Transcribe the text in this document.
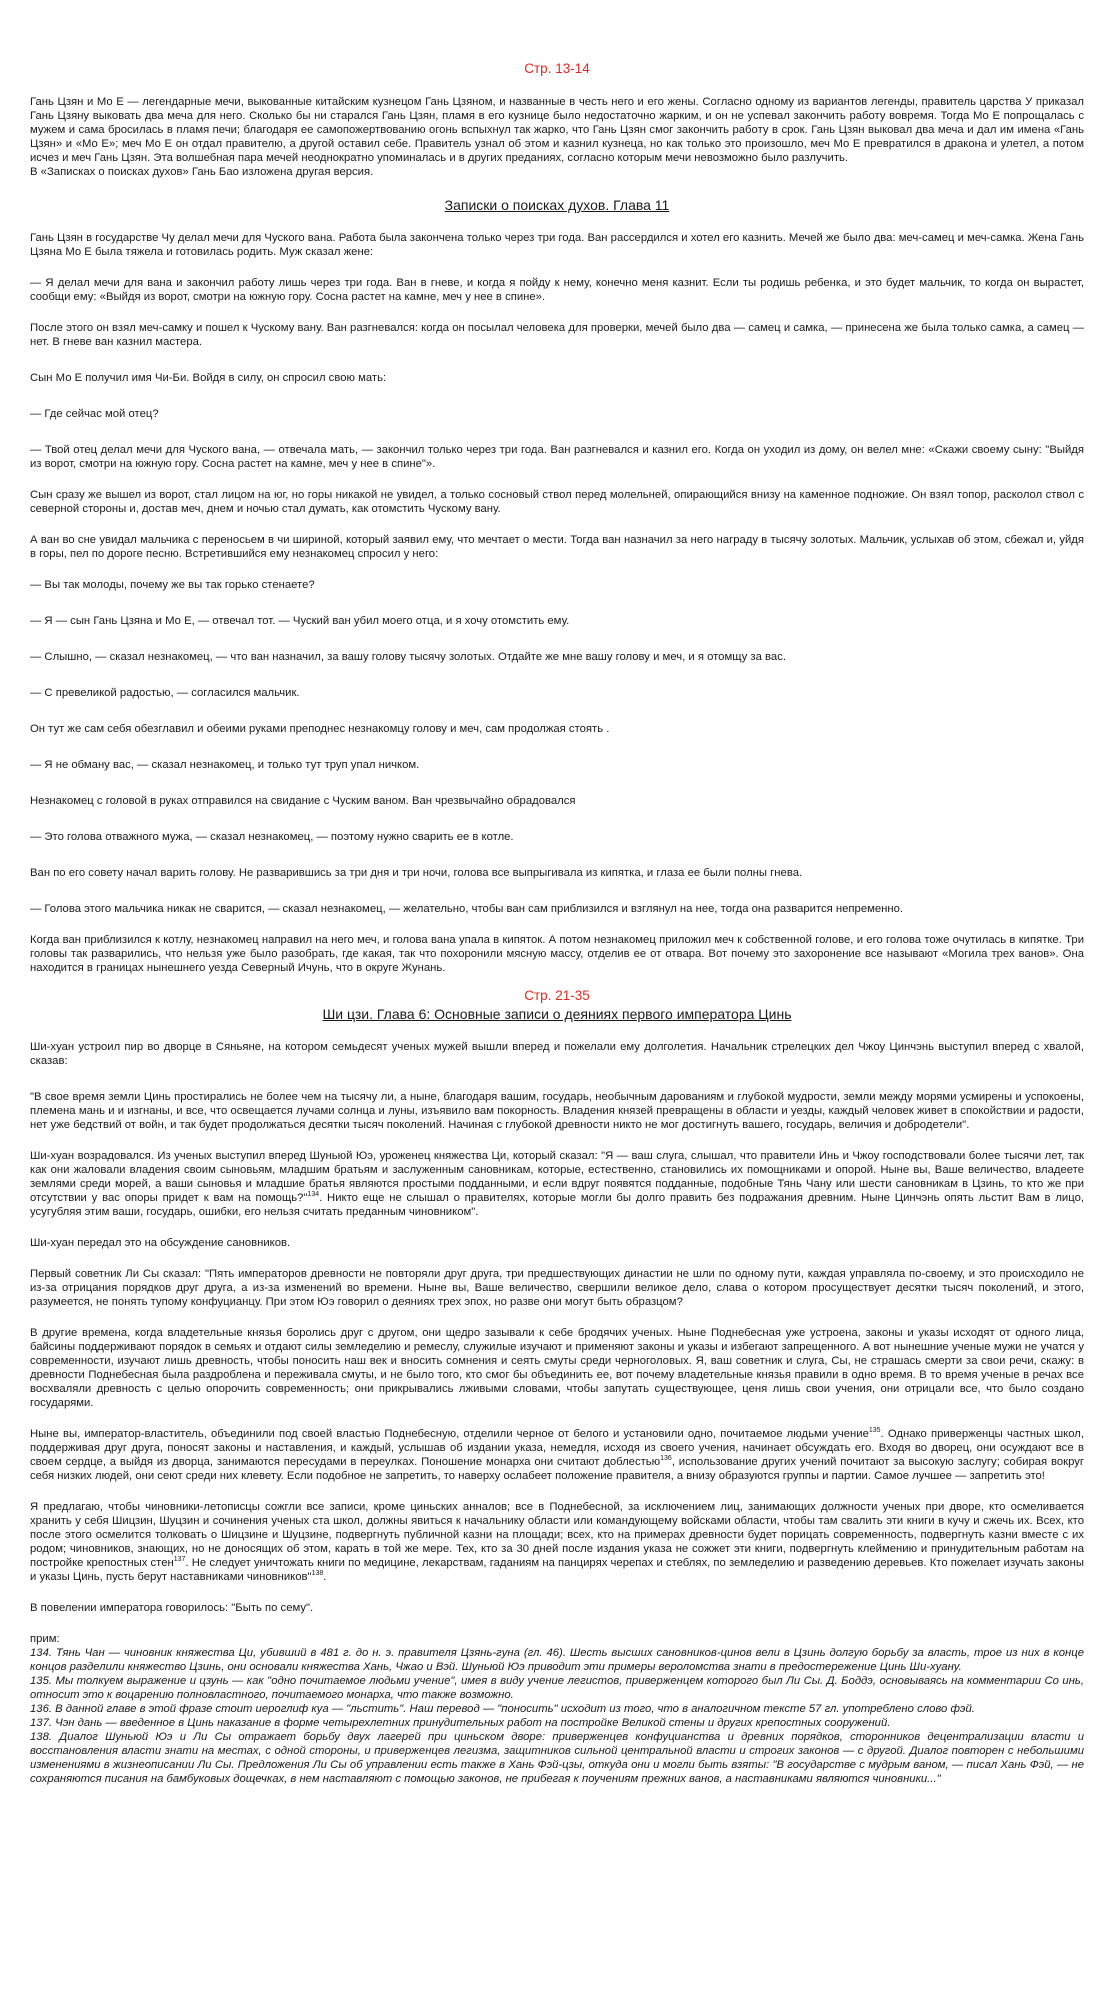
Стр. 13-14

Гань Цзян и Мо Е — легендарные мечи, выкованные китайским кузнецом Гань Цзяном, и названные в честь него и его жены. Согласно одному из вариантов легенды, правитель царства У приказал Гань Цзяну выковать два меча для него. Сколько бы ни старался Гань Цзян, пламя в его кузнице было недостаточно жарким, и он не успевал закончить работу вовремя. Тогда Мо Е попрощалась с мужем и сама бросилась в пламя печи; благодаря ее самопожертвованию огонь вспыхнул так жарко, что Гань Цзян смог закончить работу в срок. Гань Цзян выковал два меча и дал им имена «Гань Цзян» и «Мо Е»; меч Мо Е он отдал правителю, а другой оставил себе. Правитель узнал об этом и казнил кузнеца, но как только это произошло, меч Мо Е превратился в дракона и улетел, а потом исчез и меч Гань Цзян. Эта волшебная пара мечей неоднократно упоминалась и в других преданиях, согласно которым мечи невозможно было разлучить.

В «Записках о поисках духов» Гань Бао изложена другая версия.

Записки о поисках духов. Глава 11

Гань Цзян в государстве Чу делал мечи для Чуского вана. Работа была закончена только через три года. Ван рассердился и хотел его казнить. Мечей же было два: меч-самец и меч-самка. Жена Гань Цзяна Мо Е была тяжела и готовилась родить. Муж сказал жене:

— Я делал мечи для вана и закончил работу лишь через три года. Ван в гневе, и когда я пойду к нему, конечно меня казнит. Если ты родишь ребенка, и это будет мальчик, то когда он вырастет, сообщи ему: «Выйдя из ворот, смотри на южную гору. Сосна растет на камне, меч у нее в спине».

После этого он взял меч-самку и пошел к Чускому вану. Ван разгневался: когда он посылал человека для проверки, мечей было два — самец и самка, — принесена же была только самка, а самец — нет. В гневе ван казнил мастера.

Сын Мо Е получил имя Чи-Би. Войдя в силу, он спросил свою мать:

— Где сейчас мой отец?

— Твой отец делал мечи для Чуского вана, — отвечала мать, — закончил только через три года. Ван разгневался и казнил его. Когда он уходил из дому, он велел мне: «Скажи своему сыну: "Выйдя из ворот, смотри на южную гору. Сосна растет на камне, меч у нее в спине"».

Сын сразу же вышел из ворот, стал лицом на юг, но горы никакой не увидел, а только сосновый ствол перед молельней, опирающийся внизу на каменное подножие. Он взял топор, расколол ствол с северной стороны и, достав меч, днем и ночью стал думать, как отомстить Чускому вану.

А ван во сне увидал мальчика с переносьем в чи шириной, который заявил ему, что мечтает о мести. Тогда ван назначил за него награду в тысячу золотых. Мальчик, услыхав об этом, сбежал и, уйдя в горы, пел по дороге песню. Встретившийся ему незнакомец спросил у него:

— Вы так молоды, почему же вы так горько стенаете?

— Я — сын Гань Цзяна и Мо Е, — отвечал тот. — Чуский ван убил моего отца, и я хочу отомстить ему.

— Слышно, — сказал незнакомец, — что ван назначил, за вашу голову тысячу золотых. Отдайте же мне вашу голову и меч, и я отомщу за вас.

— С превеликой радостью, — согласился мальчик.

Он тут же сам себя обезглавил и обеими руками преподнес незнакомцу голову и меч, сам продолжая стоять .

— Я не обману вас, — сказал незнакомец, и только тут труп упал ничком.

Незнакомец с головой в руках отправился на свидание с Чуским ваном. Ван чрезвычайно обрадовался

— Это голова отважного мужа, — сказал незнакомец, — поэтому нужно сварить ее в котле.

Ван по его совету начал варить голову. Не разварившись за три дня и три ночи, голова все выпрыгивала из кипятка, и глаза ее были полны гнева.

— Голова этого мальчика никак не сварится, — сказал незнакомец, — желательно, чтобы ван сам приблизился и взглянул на нее, тогда она разварится непременно.

Когда ван приблизился к котлу, незнакомец направил на него меч, и голова вана упала в кипяток. А потом незнакомец приложил меч к собственной голове, и его голова тоже очутилась в кипятке. Три головы так разварились, что нельзя уже было разобрать, где какая, так что похоронили мясную массу, отделив ее от отвара. Вот почему это захоронение все называют «Могила трех ванов». Она находится в границах нынешнего уезда Северный Ичунь, что в округе Жунань.

Стр. 21-35
Ши цзи. Глава 6: Основные записи о деяниях первого императора Цинь

Ши-хуан устроил пир во дворце в Сяньяне, на котором семьдесят ученых мужей вышли вперед и пожелали ему долголетия. Начальник стрелецких дел Чжоу Цинчэнь выступил вперед с хвалой, сказав:

"В свое время земли Цинь простирались не более чем на тысячу ли, а ныне, благодаря вашим, государь, необычным дарованиям и глубокой мудрости, земли между морями усмирены и успокоены, племена мань и и изгнаны, и все, что освещается лучами солнца и луны, изъявило вам покорность. Владения князей превращены в области и уезды, каждый человек живет в спокойствии и радости, нет уже бедствий от войн, и так будет продолжаться десятки тысяч поколений. Начиная с глубокой древности никто не мог достигнуть вашего, государь, величия и добродетели".

Ши-хуан возрадовался. Из ученых выступил вперед Шуньюй Юэ, уроженец княжества Ци, который сказал: "Я — ваш слуга, слышал, что правители Инь и Чжоу господствовали более тысячи лет, так как они жаловали владения своим сыновьям, младшим братьям и заслуженным сановникам, которые, естественно, становились их помощниками и опорой. Ныне вы, Ваше величество, владеете землями среди морей, а ваши сыновья и младшие братья являются простыми подданными, и если вдруг появятся подданные, подобные Тянь Чану или шести сановникам в Цзинь, то кто же при отсутствии у вас опоры придет к вам на помощь?"$^{134}$. Никто еще не слышал о правителях, которые могли бы долго править без подражания древним. Ныне Цинчэнь опять льстит Вам в лицо, усугубляя этим ваши, государь, ошибки, его нельзя считать преданным чиновником".

Ши-хуан передал это на обсуждение сановников.

Первый советник Ли Сы сказал: "Пять императоров древности не повторяли друг друга, три предшествующих династии не шли по одному пути, каждая управляла по-своему, и это происходило не из-за отрицания порядков друг друга, а из-за изменений во времени. Ныне вы, Ваше величество, свершили великое дело, слава о котором просуществует десятки тысяч поколений, и этого, разумеется, не понять тупому конфуцианцу. При этом Юэ говорил о деяниях трех эпох, но разве они могут быть образцом?

В другие времена, когда владетельные князья боролись друг с другом, они щедро зазывали к себе бродячих ученых. Ныне Поднебесная уже устроена, законы и указы исходят от одного лица, байсины поддерживают порядок в семьях и отдают силы земледелию и ремеслу, служилые изучают и применяют законы и указы и избегают запрещенного. А вот нынешние ученые мужи не учатся у современности, изучают лишь древность, чтобы поносить наш век и вносить сомнения и сеять смуты среди черноголовых. Я, ваш советник и слуга, Сы, не страшась смерти за свои речи, скажу: в древности Поднебесная была раздроблена и переживала смуты, и не было того, кто смог бы объединить ее, вот почему владетельные князья правили в одно время. В то время ученые в речах все восхваляли древность с целью опорочить современность; они прикрывались лживыми словами, чтобы запутать существующее, ценя лишь свои учения, они отрицали все, что было создано государями.

Ныне вы, император-властитель, объединили под своей властью Поднебесную, отделили черное от белого и установили одно, почитаемое людьми учение$^{135}$. Однако приверженцы частных школ, поддерживая друг друга, поносят законы и наставления, и каждый, услышав об издании указа, немедля, исходя из своего учения, начинает обсуждать его. Входя во дворец, они осуждают все в своем сердце, а выйдя из дворца, занимаются пересудами в переулках. Поношение монарха они считают доблестью$^{136}$, использование других учений почитают за высокую заслугу; собирая вокруг себя низких людей, они сеют среди них клевету. Если подобное не запретить, то наверху ослабеет положение правителя, а внизу образуются группы и партии. Самое лучшее — запретить это!

Я предлагаю, чтобы чиновники-летописцы сожгли все записи, кроме циньских анналов; все в Поднебесной, за исключением лиц, занимающих должности ученых при дворе, кто осмеливается хранить у себя Шицзин, Шуцзин и сочинения ученых ста школ, должны явиться к начальнику области или командующему войсками области, чтобы там свалить эти книги в кучу и сжечь их. Всех, кто после этого осмелится толковать о Шицзине и Шуцзине, подвергнуть публичной казни на площади; всех, кто на примерах древности будет порицать современность, подвергнуть казни вместе с их родом; чиновников, знающих, но не доносящих об этом, карать в той же мере. Тех, кто за 30 дней после издания указа не сожжет эти книги, подвергнуть клеймению и принудительным работам на постройке крепостных стен$^{137}$. Не следует уничтожать книги по медицине, лекарствам, гаданиям на панцирях черепах и стеблях, по земледелию и разведению деревьев. Кто пожелает изучать законы и указы Цинь, пусть берут наставниками чиновников"$^{138}$.

В повелении императора говорилось: "Быть по сему".

прим:

134. Тянь Чан — чиновник княжества Ци, убивший в 481 г. до н. э. правителя Цзянь-гуна (гл. 46). Шесть высших сановников-цинов вели в Цзинь долгую борьбу за власть, трое из них в конце концов разделили княжество Цзинь, они основали княжества Хань, Чжао и Вэй. Шуньюй Юэ приводит эти примеры вероломства знати в предостережение Цинь Ши-хуану.

135. Мы толкуем выражение и цзунь — как "одно почитаемое людьми учение", имея в виду учение легистов, приверженцем которого был Ли Сы. Д. Боддэ, основываясь на комментарии Со инь, относит это к воцарению полновластного, почитаемого монарха, что также возможно.

136. В данной главе в этой фразе стоит иероглиф куа — "льстить". Наш перевод — "поносить" исходит из того, что в аналогичном тексте 57 гл. употреблено слово фэй.

137. Чэн дань — введенное в Цинь наказание в форме четырехлетних принудительных работ на постройке Великой стены и других крепостных сооружений.

138. Диалог Шуньюй Юэ и Ли Сы отражает борьбу двух лагерей при циньском дворе: приверженцев конфуцианства и древних порядков, сторонников децентрализации власти и восстановления власти знати на местах, с одной стороны, и приверженцев легизма, защитников сильной центральной власти и строгих законов — с другой. Диалог повторен с небольшими изменениями в жизнеописании Ли Сы. Предложения Ли Сы об управлении есть также в Хань Фэй-цзы, откуда они и могли быть взяты: "В государстве с мудрым ваном, — писал Хань Фэй, — не сохраняются писания на бамбуковых дощечках, в нем наставляют с помощью законов, не прибегая к поучениям прежних ванов, а наставниками являются чиновники..."
